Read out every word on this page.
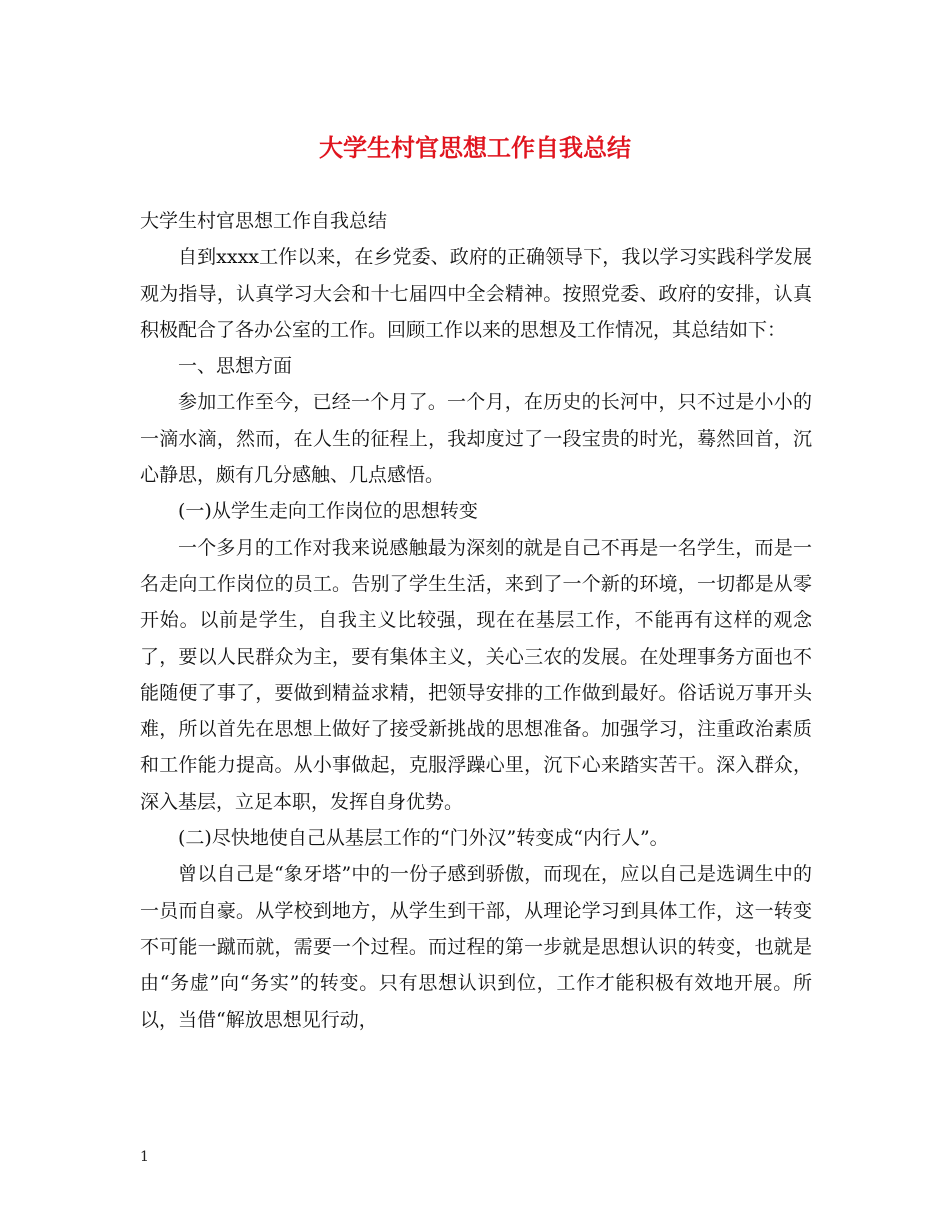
大学生村官思想工作自我总结

大学生村官思想工作自我总结

自到xxxx工作以来，在乡党委、政府的正确领导下，我以学习实践科学发展观为指导，认真学习大会和十七届四中全会精神。按照党委、政府的安排，认真积极配合了各办公室的工作。回顾工作以来的思想及工作情况，其总结如下：

一、思想方面

参加工作至今，已经一个月了。一个月，在历史的长河中，只不过是小小的一滴水滴，然而，在人生的征程上，我却度过了一段宝贵的时光，蓦然回首，沉心静思，颇有几分感触、几点感悟。

(一)从学生走向工作岗位的思想转变

一个多月的工作对我来说感触最为深刻的就是自己不再是一名学生，而是一名走向工作岗位的员工。告别了学生生活，来到了一个新的环境，一切都是从零开始。以前是学生，自我主义比较强，现在在基层工作，不能再有这样的观念了，要以人民群众为主，要有集体主义，关心三农的发展。在处理事务方面也不能随便了事了，要做到精益求精，把领导安排的工作做到最好。俗话说万事开头难，所以首先在思想上做好了接受新挑战的思想准备。加强学习，注重政治素质和工作能力提高。从小事做起，克服浮躁心里，沉下心来踏实苦干。深入群众，深入基层，立足本职，发挥自身优势。

(二)尽快地使自己从基层工作的“门外汉”转变成“内行人”。

曾以自己是“象牙塔”中的一份子感到骄傲，而现在，应以自己是选调生中的一员而自豪。从学校到地方，从学生到干部，从理论学习到具体工作，这一转变不可能一蹴而就，需要一个过程。而过程的第一步就是思想认识的转变，也就是由“务虚”向“务实”的转变。只有思想认识到位，工作才能积极有效地开展。所以，当借“解放思想见行动，

1
